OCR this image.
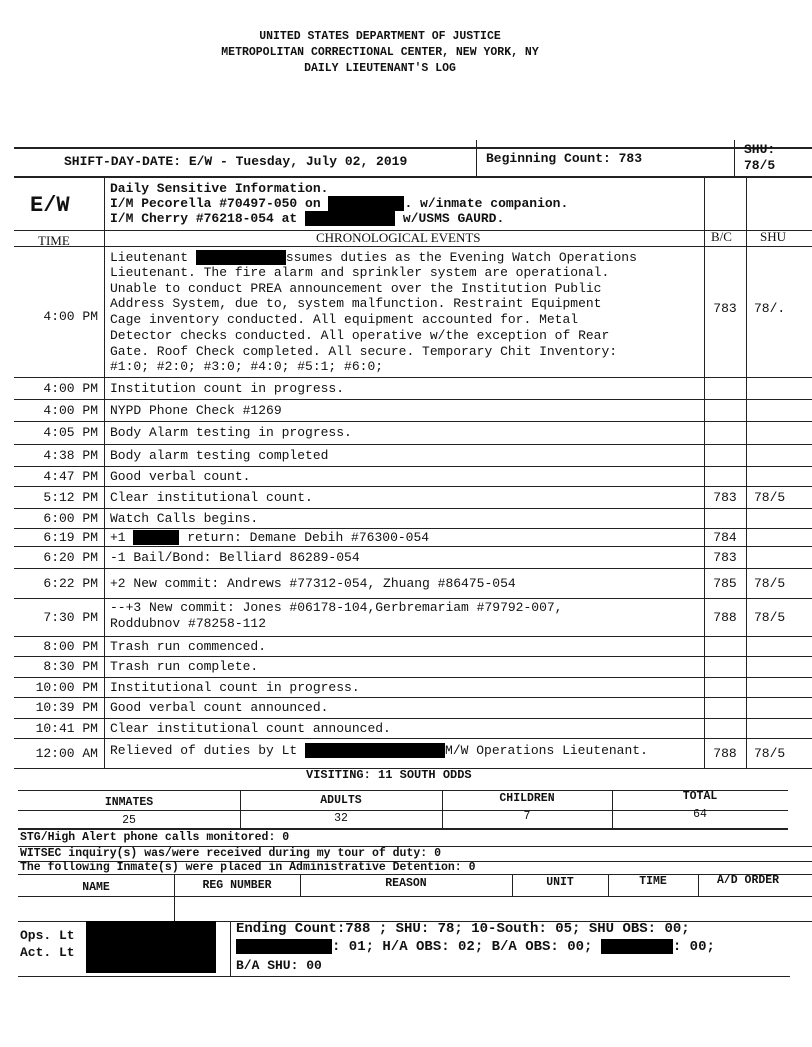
UNITED STATES DEPARTMENT OF JUSTICE
METROPOLITAN CORRECTIONAL CENTER, NEW YORK, NY
DAILY LIEUTENANT'S LOG
SHIFT-DAY-DATE: E/W - Tuesday, July 02, 2019	Beginning Count: 783
SHU:
78/5
E/W
Daily Sensitive Information.
I/M Pecorella #70497-050 on	. w/inmate companion.
I/M Cherry #76218-054 at	w/USMS GAURD.
TIME	CHRONOLOGICAL EVENTS	B/C SHU
4:00 PM
Lieutenant	ssumes duties as the Evening Watch Operations
Lieutenant. The fire alarm and sprinkler system are operational.
Unable to conduct PREA announcement over the Institution Public
Address System, due to, system malfunction. Restraint Equipment
Cage inventory conducted. All equipment accounted for. Metal
Detector checks conducted. All operative w/the exception of Rear
Gate. Roof Check completed. All secure. Temporary Chit Inventory:
#1:0; #2:0; #3:0; #4:0; #5:1; #6:0;
783	78/.
4:00 PM Institution count in progress.
4:00 PM NYPD Phone Check #1269
4:05 PM Body Alarm testing in progress.
4:38 PM Body alarm testing completed
4:47 PM Good verbal count.
5:12 PM Clear institutional count.	783	78/5
6:00 PM Watch Calls begins.
6:19 PM +1	return: Demane Debih #76300-054	784
6:20 PM -1 Bail/Bond: Belliard 86289-054	783
6:22 PM +2 New commit: Andrews #77312-054, Zhuang #86475-054	785	78/5
7:30 PM
--+3 New commit: Jones #06178-104,Gerbremariam #79792-007,
Roddubnov #78258-112	788	78/5
8:00 PM Trash run commenced.
8:30 PM Trash run complete.
10:00 PM Institutional count in progress.
10:39 PM Good verbal count announced.
10:41 PM Clear institutional count announced.
12:00 AM Relieved of duties by Lt	M/W Operations Lieutenant.	788	78/5
VISITING: 11 SOUTH ODDS
INMATES	ADULTS	CHILDREN	TOTAL
25	32	7	64
STG/High Alert phone calls monitored: 0
WITSEC inquiry(s) was/were received during my tour of duty: 0
The following Inmate(s) were placed in Administrative Detention: 0
NAME	REG NUMBER	REASON	UNIT	TIME	A/D ORDER
Ops. Lt
Act. Lt
Ending Count:788 ; SHU: 78; 10-South: 05; SHU OBS: 00;
: 01; H/A OBS: 02; B/A OBS: 00;	: 00;
B/A SHU: 00
